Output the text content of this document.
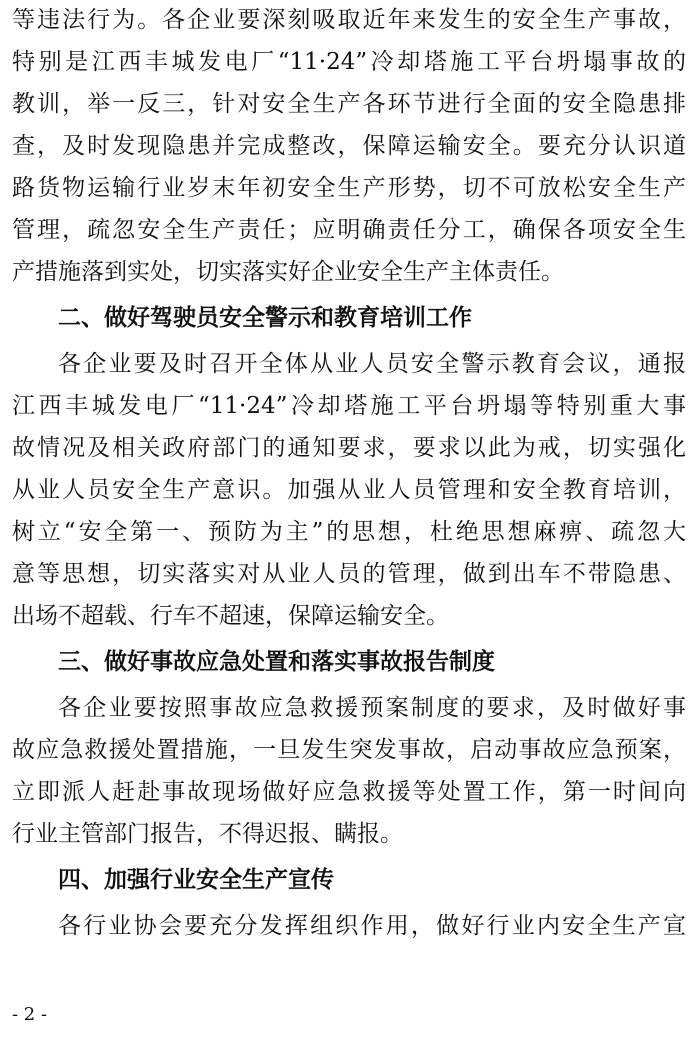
等违法行为。各企业要深刻吸取近年来发生的安全生产事故，
特别是江西丰城发电厂“11·24”冷却塔施工平台坍塌事故的
教训，举一反三，针对安全生产各环节进行全面的安全隐患排
查，及时发现隐患并完成整改，保障运输安全。要充分认识道
路货物运输行业岁末年初安全生产形势，切不可放松安全生产
管理，疏忽安全生产责任；应明确责任分工，确保各项安全生
产措施落到实处，切实落实好企业安全生产主体责任。
二、做好驾驶员安全警示和教育培训工作
各企业要及时召开全体从业人员安全警示教育会议，通报
江西丰城发电厂“11·24”冷却塔施工平台坍塌等特别重大事
故情况及相关政府部门的通知要求，要求以此为戒，切实强化
从业人员安全生产意识。加强从业人员管理和安全教育培训，
树立“安全第一、预防为主”的思想，杜绝思想麻痹、疏忽大
意等思想，切实落实对从业人员的管理，做到出车不带隐患、
出场不超载、行车不超速，保障运输安全。
三、做好事故应急处置和落实事故报告制度
各企业要按照事故应急救援预案制度的要求，及时做好事
故应急救援处置措施，一旦发生突发事故，启动事故应急预案，
立即派人赶赴事故现场做好应急救援等处置工作，第一时间向
行业主管部门报告，不得迟报、瞒报。
四、加强行业安全生产宣传
各行业协会要充分发挥组织作用，做好行业内安全生产宣
- 2 -
